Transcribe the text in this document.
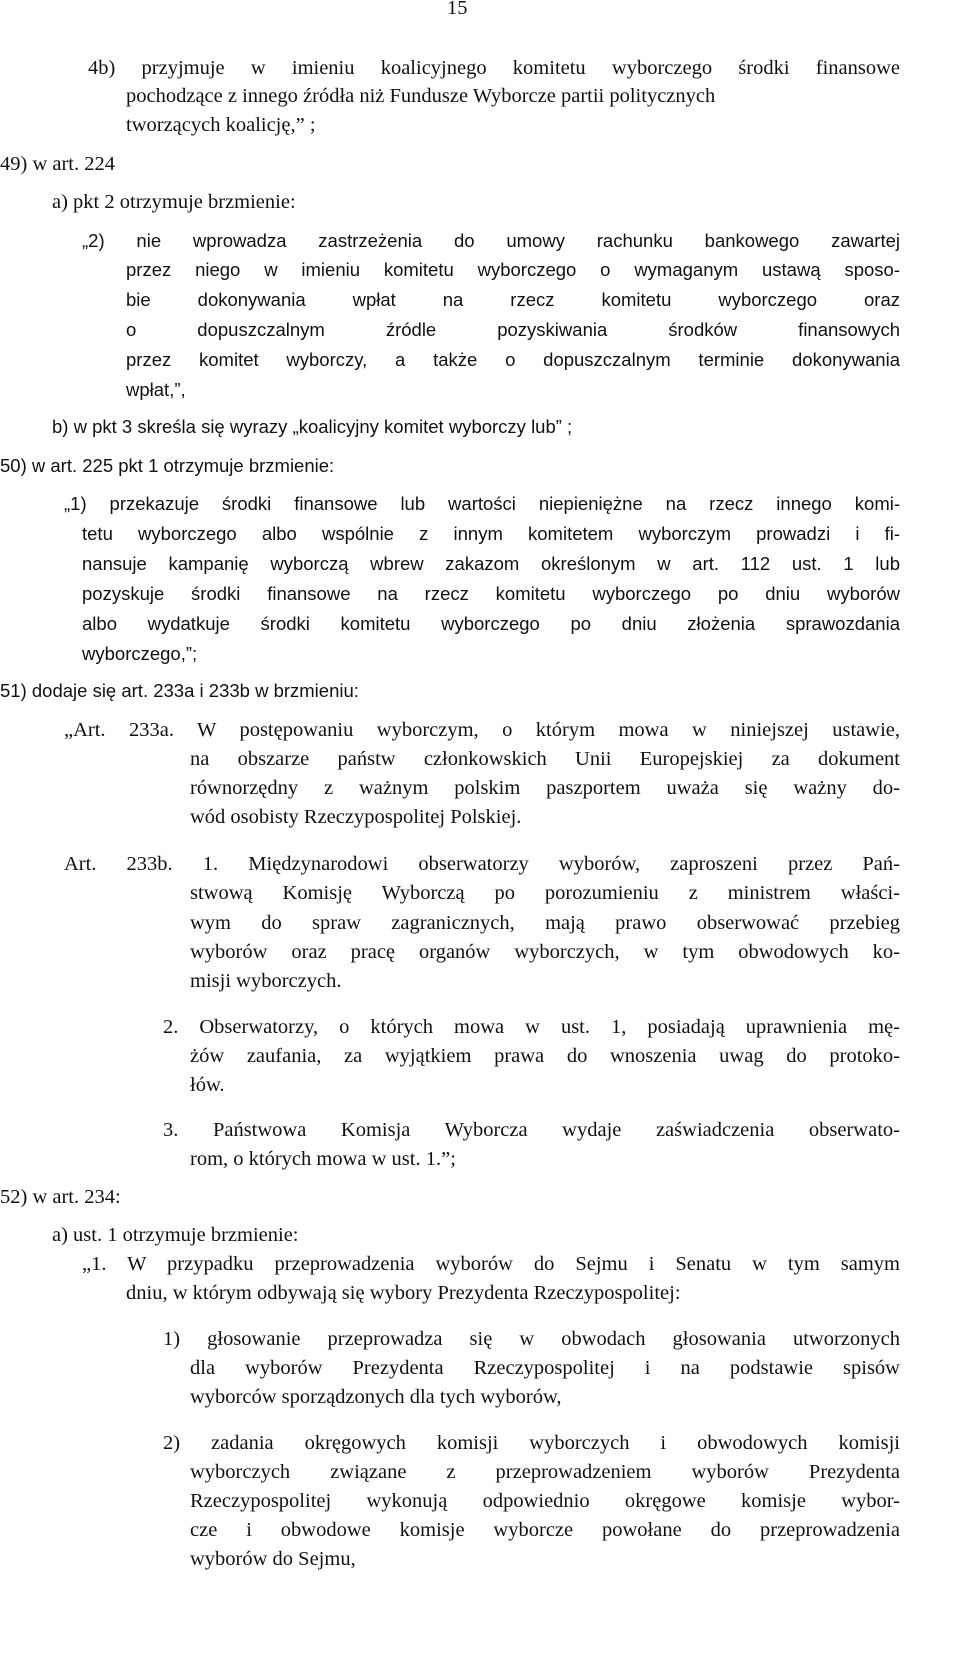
15
4b) przyjmuje w imieniu koalicyjnego komitetu wyborczego środki finansowe
pochodzące z innego źródła niż Fundusze Wyborcze partii politycznych
tworzących koalicję,” ;
49) w art. 224
a) pkt 2 otrzymuje brzmienie:
„2) nie wprowadza zastrzeżenia do umowy rachunku bankowego zawartej
przez niego w imieniu komitetu wyborczego o wymaganym ustawą sposo-
bie dokonywania wpłat na rzecz komitetu wyborczego oraz
o dopuszczalnym źródle pozyskiwania środków finansowych
przez komitet wyborczy, a także o dopuszczalnym terminie dokonywania
wpłat,”,
b) w pkt 3 skreśla się wyrazy „koalicyjny komitet wyborczy lub” ;
50) w art. 225 pkt 1 otrzymuje brzmienie:
„1) przekazuje środki finansowe lub wartości niepieniężne na rzecz innego komi-
tetu wyborczego albo wspólnie z innym komitetem wyborczym prowadzi i fi-
nansuje kampanię wyborczą wbrew zakazom określonym w art. 112 ust. 1 lub
pozyskuje środki finansowe na rzecz komitetu wyborczego po dniu wyborów
albo wydatkuje środki komitetu wyborczego po dniu złożenia sprawozdania
wyborczego,”;
51) dodaje się art. 233a i 233b w brzmieniu:
„Art. 233a. W postępowaniu wyborczym, o którym mowa w niniejszej ustawie,
na obszarze państw członkowskich Unii Europejskiej za dokument
równorzędny z ważnym polskim paszportem uważa się ważny do-
wód osobisty Rzeczypospolitej Polskiej.
Art. 233b. 1. Międzynarodowi obserwatorzy wyborów, zaproszeni przez Pań-
stwową Komisję Wyborczą po porozumieniu z ministrem właści-
wym do spraw zagranicznych, mają prawo obserwować przebieg
wyborów oraz pracę organów wyborczych, w tym obwodowych ko-
misji wyborczych.
2. Obserwatorzy, o których mowa w ust. 1, posiadają uprawnienia mę-
żów zaufania, za wyjątkiem prawa do wnoszenia uwag do protoko-
łów.
3. Państwowa Komisja Wyborcza wydaje zaświadczenia obserwato-
rom, o których mowa w ust. 1.”;
52) w art. 234:
a) ust. 1 otrzymuje brzmienie:
„1. W przypadku przeprowadzenia wyborów do Sejmu i Senatu w tym samym
dniu, w którym odbywają się wybory Prezydenta Rzeczypospolitej:
1) głosowanie przeprowadza się w obwodach głosowania utworzonych
dla wyborów Prezydenta Rzeczypospolitej i na podstawie spisów
wyborców sporządzonych dla tych wyborów,
2) zadania okręgowych komisji wyborczych i obwodowych komisji
wyborczych związane z przeprowadzeniem wyborów Prezydenta
Rzeczypospolitej wykonują odpowiednio okręgowe komisje wybor-
cze i obwodowe komisje wyborcze powołane do przeprowadzenia
wyborów do Sejmu,
